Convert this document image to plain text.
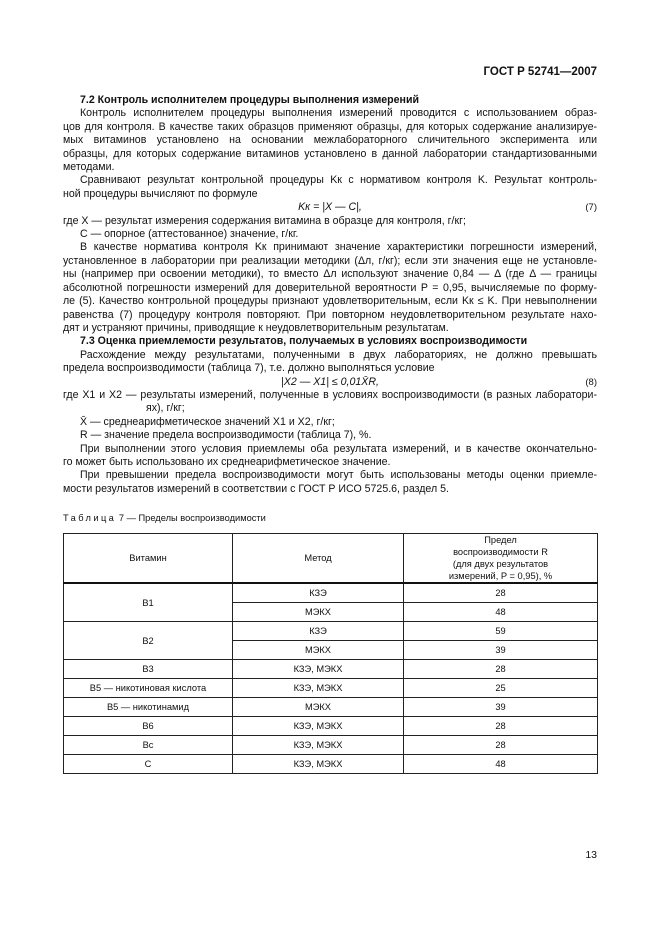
ГОСТ Р 52741—2007
7.2 Контроль исполнителем процедуры выполнения измерений
Контроль исполнителем процедуры выполнения измерений проводится с использованием образ-
цов для контроля. В качестве таких образцов применяют образцы, для которых содержание анализируе-
мых витаминов установлено на основании межлабораторного сличительного эксперимента или
образцы, для которых содержание витаминов установлено в данной лаборатории стандартизованными
методами.
Сравнивают результат контрольной процедуры Kк с нормативом контроля K. Результат контроль-
ной процедуры вычисляют по формуле
Kк = |X — C|,	(7)
где X — результат измерения содержания витамина в образце для контроля, г/кг;
C — опорное (аттестованное) значение, г/кг.
В качестве норматива контроля Kк принимают значение характеристики погрешности измерений,
установленное в лаборатории при реализации методики (Δл, г/кг); если эти значения еще не установле-
ны (например при освоении методики), то вместо Δл используют значение 0,84 — Δ (где Δ — границы
абсолютной погрешности измерений для доверительной вероятности P = 0,95, вычисляемые по форму-
ле (5). Качество контрольной процедуры признают удовлетворительным, если Kк ≤ K. При невыполнении
равенства (7) процедуру контроля повторяют. При повторном неудовлетворительном результате нахо-
дят и устраняют причины, приводящие к неудовлетворительным результатам.
7.3 Оценка приемлемости результатов, получаемых в условиях воспроизводимости
Расхождение между результатами, полученными в двух лабораториях, не должно превышать
предела воспроизводимости (таблица 7), т.е. должно выполняться условие
|X2 — X1| ≤ 0,01X̄R,	(8)
где X1 и X2 — результаты измерений, полученные в условиях воспроизводимости (в разных лаборатори-
ях), г/кг;
X̄ — среднеарифметическое значений X1 и X2, г/кг;
R — значение предела воспроизводимости (таблица 7), %.
При выполнении этого условия приемлемы оба результата измерений, и в качестве окончательно-
го может быть использовано их среднеарифметическое значение.
При превышении предела воспроизводимости могут быть использованы методы оценки приемле-
мости результатов измерений в соответствии с ГОСТ Р ИСО 5725.6, раздел 5.
Таблица 7 — Пределы воспроизводимости
Витамин	Метод	Предел воспроизводимости R (для двух результатов измерений, P = 0,95), %
B1	КЗЭ	28
	МЭКХ	48
B2	КЗЭ	59
	МЭКХ	39
B3	КЗЭ, МЭКХ	28
B5 — никотиновая кислота	КЗЭ, МЭКХ	25
B5 — никотинамид	МЭКХ	39
B6	КЗЭ, МЭКХ	28
Bc	КЗЭ, МЭКХ	28
C	КЗЭ, МЭКХ	48
13
